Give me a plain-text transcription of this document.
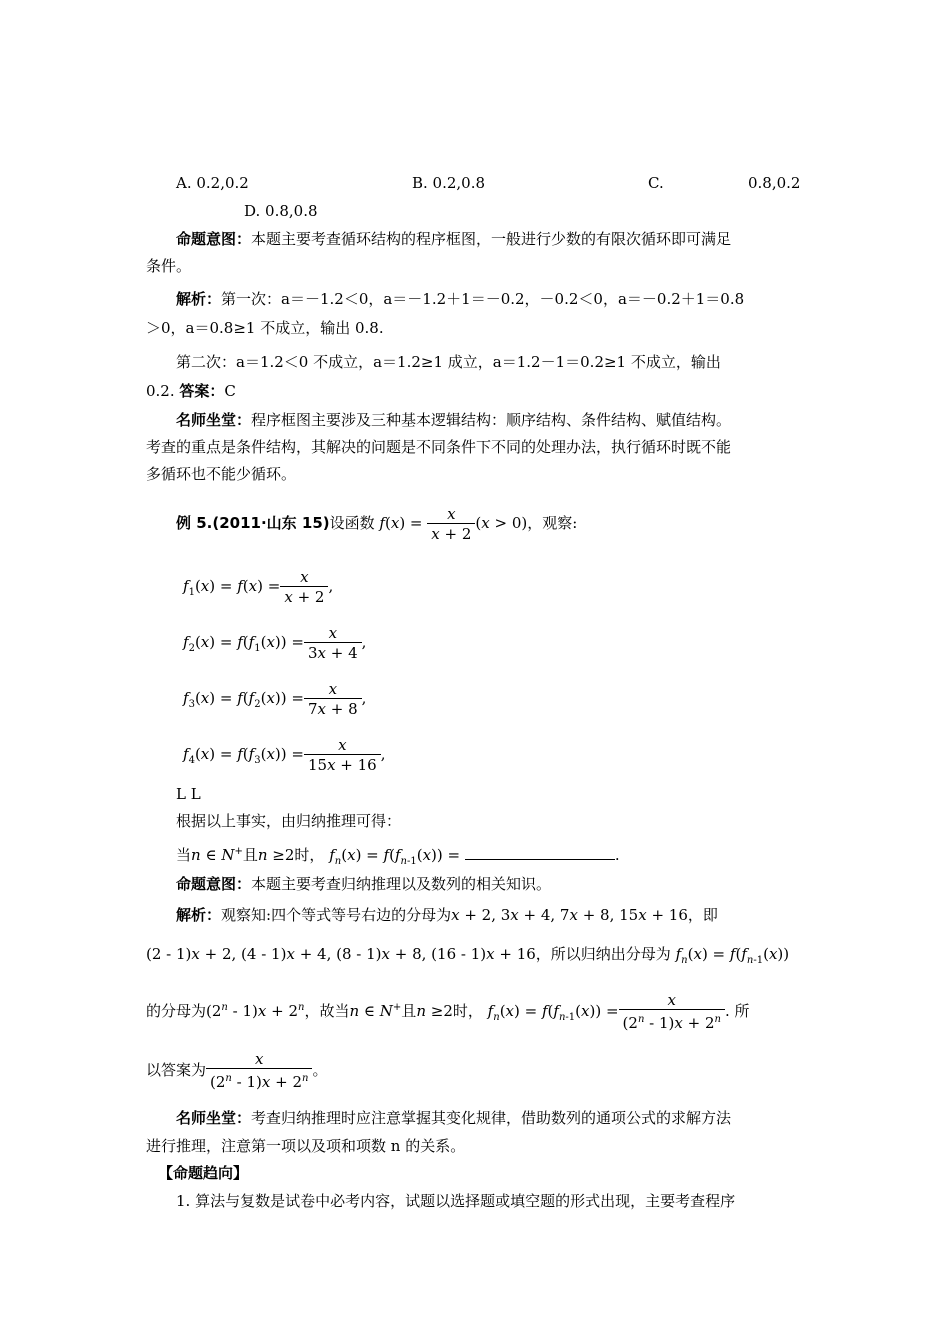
A. 0.2,0.2	B. 0.2,0.8	C.	0.8,0.2
D. 0.8,0.8
命题意图：本题主要考查循环结构的程序框图，一般进行少数的有限次循环即可满足
条件。
解析：第一次：a＝－1.2＜0，a＝－1.2＋1＝－0.2，－0.2＜0，a＝－0.2＋1＝0.8
＞0，a＝0.8≥1 不成立，输出 0.8.
第二次：a＝1.2＜0 不成立，a＝1.2≥1 成立，a＝1.2－1＝0.2≥1 不成立，输出
0.2. 答案：C
名师坐堂：程序框图主要涉及三种基本逻辑结构：顺序结构、条件结构、赋值结构。
考查的重点是条件结构，其解决的问题是不同条件下不同的处理办法，执行循环时既不能
多循环也不能少循环。
例 5.(2011·山东 15)设函数 $f(x) = \frac{x}{x + 2} (x > 0)$，观察:
$f_1(x) = f(x) = \frac{x}{x + 2}$ ,
$f_2(x) = f(f_1(x)) = \frac{x}{3x + 4}$ ,
$f_3(x) = f(f_2(x)) = \frac{x}{7x + 8}$ ,
$f_4(x) = f(f_3(x)) = \frac{x}{15x + 16}$ ,
L L
根据以上事实，由归纳推理可得：
当n ∈ N+且n ≥2时， $f_n(x) = f(f_{n-1}(x))$ =	.
命题意图：本题主要考查归纳推理以及数列的相关知识。
解析：观察知:四个等式等号右边的分母为x + 2, 3x + 4, 7x + 8, 15x + 16，即
(2 - 1)x + 2, (4 - 1)x + 4, (8 - 1)x + 8, (16 - 1)x + 16，所以归纳出分母为 $f_n(x) = f(f_{n-1}(x))$
的分母为$(2^n - 1)x + 2^n$，故当n ∈ N+且n ≥2时， $f_n(x) = f(f_{n-1}(x)) = \frac{x}{(2^n - 1)x + 2^n}$ . 所
以答案为 $\frac{x}{(2^n - 1)x + 2^n}$ 。
名师坐堂：考查归纳推理时应注意掌握其变化规律，借助数列的通项公式的求解方法
进行推理，注意第一项以及项和项数 n 的关系。
【命题趋向】
1. 算法与复数是试卷中必考内容，试题以选择题或填空题的形式出现，主要考查程序
